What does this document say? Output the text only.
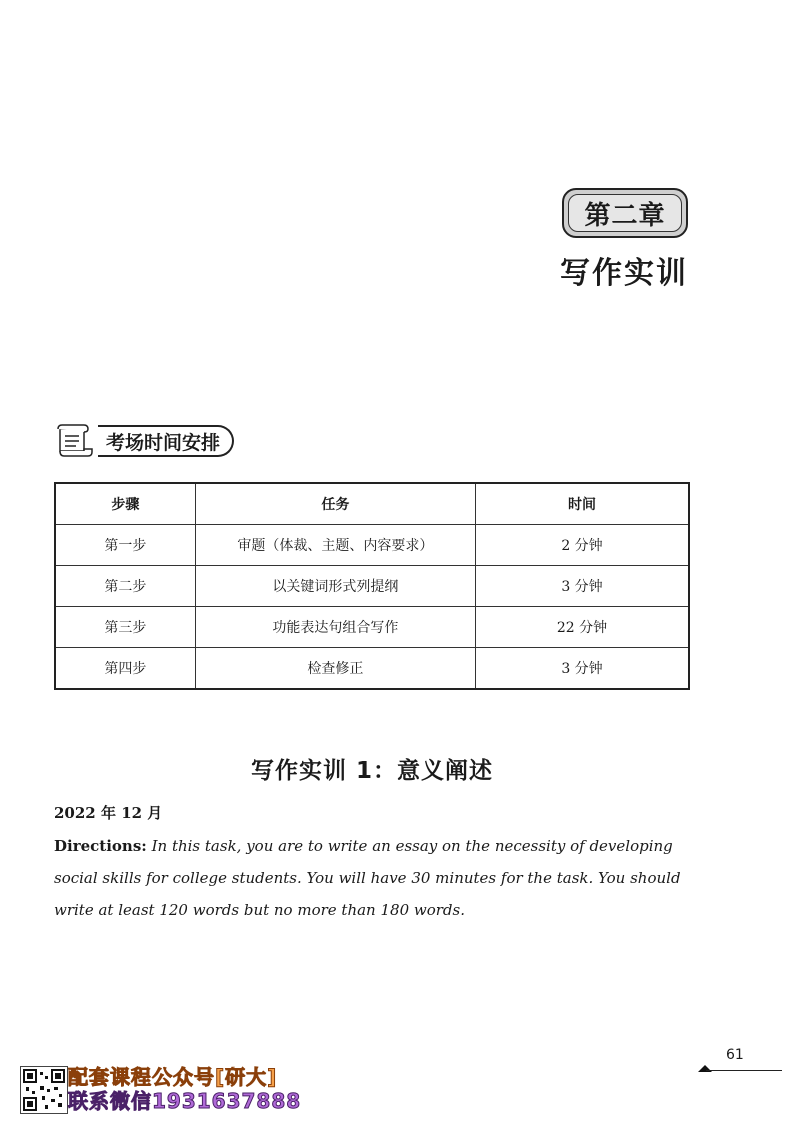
第二章
写作实训
考场时间安排
步骤	任务	时间
第一步	审题（体裁、主题、内容要求）	2 分钟
第二步	以关键词形式列提纲	3 分钟
第三步	功能表达句组合写作	22 分钟
第四步	检查修正	3 分钟
写作实训 1：意义阐述
2022 年 12 月
Directions: In this task, you are to write an essay on the necessity of developing social skills for college students. You will have 30 minutes for the task. You should write at least 120 words but no more than 180 words.
61
配套课程公众号[研大]
联系微信1931637888
